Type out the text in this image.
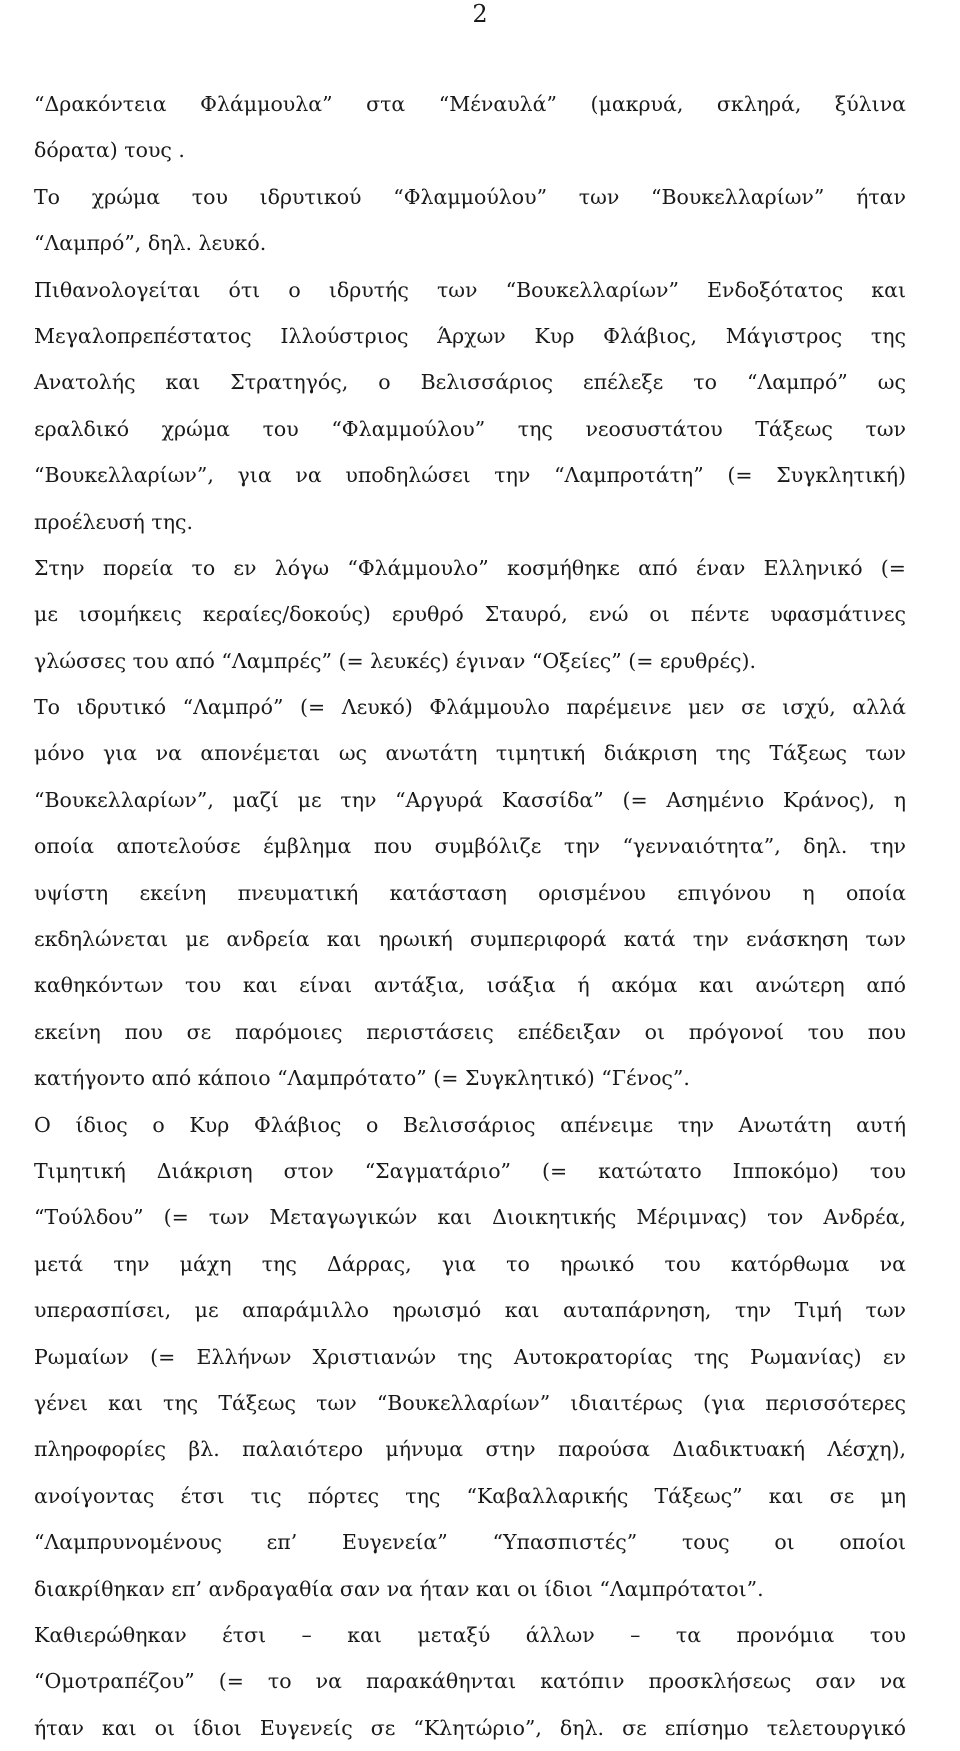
2
“Δρακόντεια Φλάμμουλα” στα “Μέναυλά” (μακρυά, σκληρά, ξύλινα
δόρατα) τους .
Το χρώμα του ιδρυτικού “Φλαμμούλου” των “Βουκελλαρίων” ήταν
“Λαμπρό”, δηλ. λευκό.
Πιθανολογείται ότι ο ιδρυτής των “Βουκελλαρίων” Ενδοξότατος και
Μεγαλοπρεπέστατος Ιλλούστριος Άρχων Κυρ Φλάβιος, Μάγιστρος της
Ανατολής και Στρατηγός, ο Βελισσάριος επέλεξε το “Λαμπρό” ως
εραλδικό χρώμα του “Φλαμμούλου” της νεοσυστάτου Τάξεως των
“Βουκελλαρίων”, για να υποδηλώσει την “Λαμπροτάτη” (= Συγκλητική)
προέλευσή της.
Στην πορεία το εν λόγω “Φλάμμουλο” κοσμήθηκε από έναν Ελληνικό (=
με ισομήκεις κεραίες/δοκούς) ερυθρό Σταυρό, ενώ οι πέντε υφασμάτινες
γλώσσες του από “Λαμπρές” (= λευκές) έγιναν “Οξείες” (= ερυθρές).
Το ιδρυτικό “Λαμπρό” (= Λευκό) Φλάμμουλο παρέμεινε μεν σε ισχύ, αλλά
μόνο για να απονέμεται ως ανωτάτη τιμητική διάκριση της Τάξεως των
“Βουκελλαρίων”, μαζί με την “Αργυρά Κασσίδα” (= Ασημένιο Κράνος), η
οποία αποτελούσε έμβλημα που συμβόλιζε την “γενναιότητα”, δηλ. την
υψίστη εκείνη πνευματική κατάσταση ορισμένου επιγόνου η οποία
εκδηλώνεται με ανδρεία και ηρωική συμπεριφορά κατά την ενάσκηση των
καθηκόντων του και είναι αντάξια, ισάξια ή ακόμα και ανώτερη από
εκείνη που σε παρόμοιες περιστάσεις επέδειξαν οι πρόγονοί του που
κατήγοντο από κάποιο “Λαμπρότατο” (= Συγκλητικό) “Γένος”.
Ο ίδιος ο Κυρ Φλάβιος ο Βελισσάριος απένειμε την Ανωτάτη αυτή
Τιμητική Διάκριση στον “Σαγματάριο” (= κατώτατο Ιπποκόμο) του
“Τούλδου” (= των Μεταγωγικών και Διοικητικής Μέριμνας) τον Ανδρέα,
μετά την μάχη της Δάρρας, για το ηρωικό του κατόρθωμα να
υπερασπίσει, με απαράμιλλο ηρωισμό και αυταπάρνηση, την Τιμή των
Ρωμαίων (= Ελλήνων Χριστιανών της Αυτοκρατορίας της Ρωμανίας) εν
γένει και της Τάξεως των “Βουκελλαρίων” ιδιαιτέρως (για περισσότερες
πληροφορίες βλ. παλαιότερο μήνυμα στην παρούσα Διαδικτυακή Λέσχη),
ανοίγοντας έτσι τις πόρτες της “Καβαλλαρικής Τάξεως” και σε μη
“Λαμπρυνομένους επ’ Ευγενεία” “Υπασπιστές” τους οι οποίοι
διακρίθηκαν επ’ ανδραγαθία σαν να ήταν και οι ίδιοι “Λαμπρότατοι”.
Καθιερώθηκαν έτσι – και μεταξύ άλλων – τα προνόμια του
“Ομοτραπέζου” (= το να παρακάθηνται κατόπιν προσκλήσεως σαν να
ήταν και οι ίδιοι Ευγενείς σε “Κλητώριο”, δηλ. σε επίσημο τελετουργικό
